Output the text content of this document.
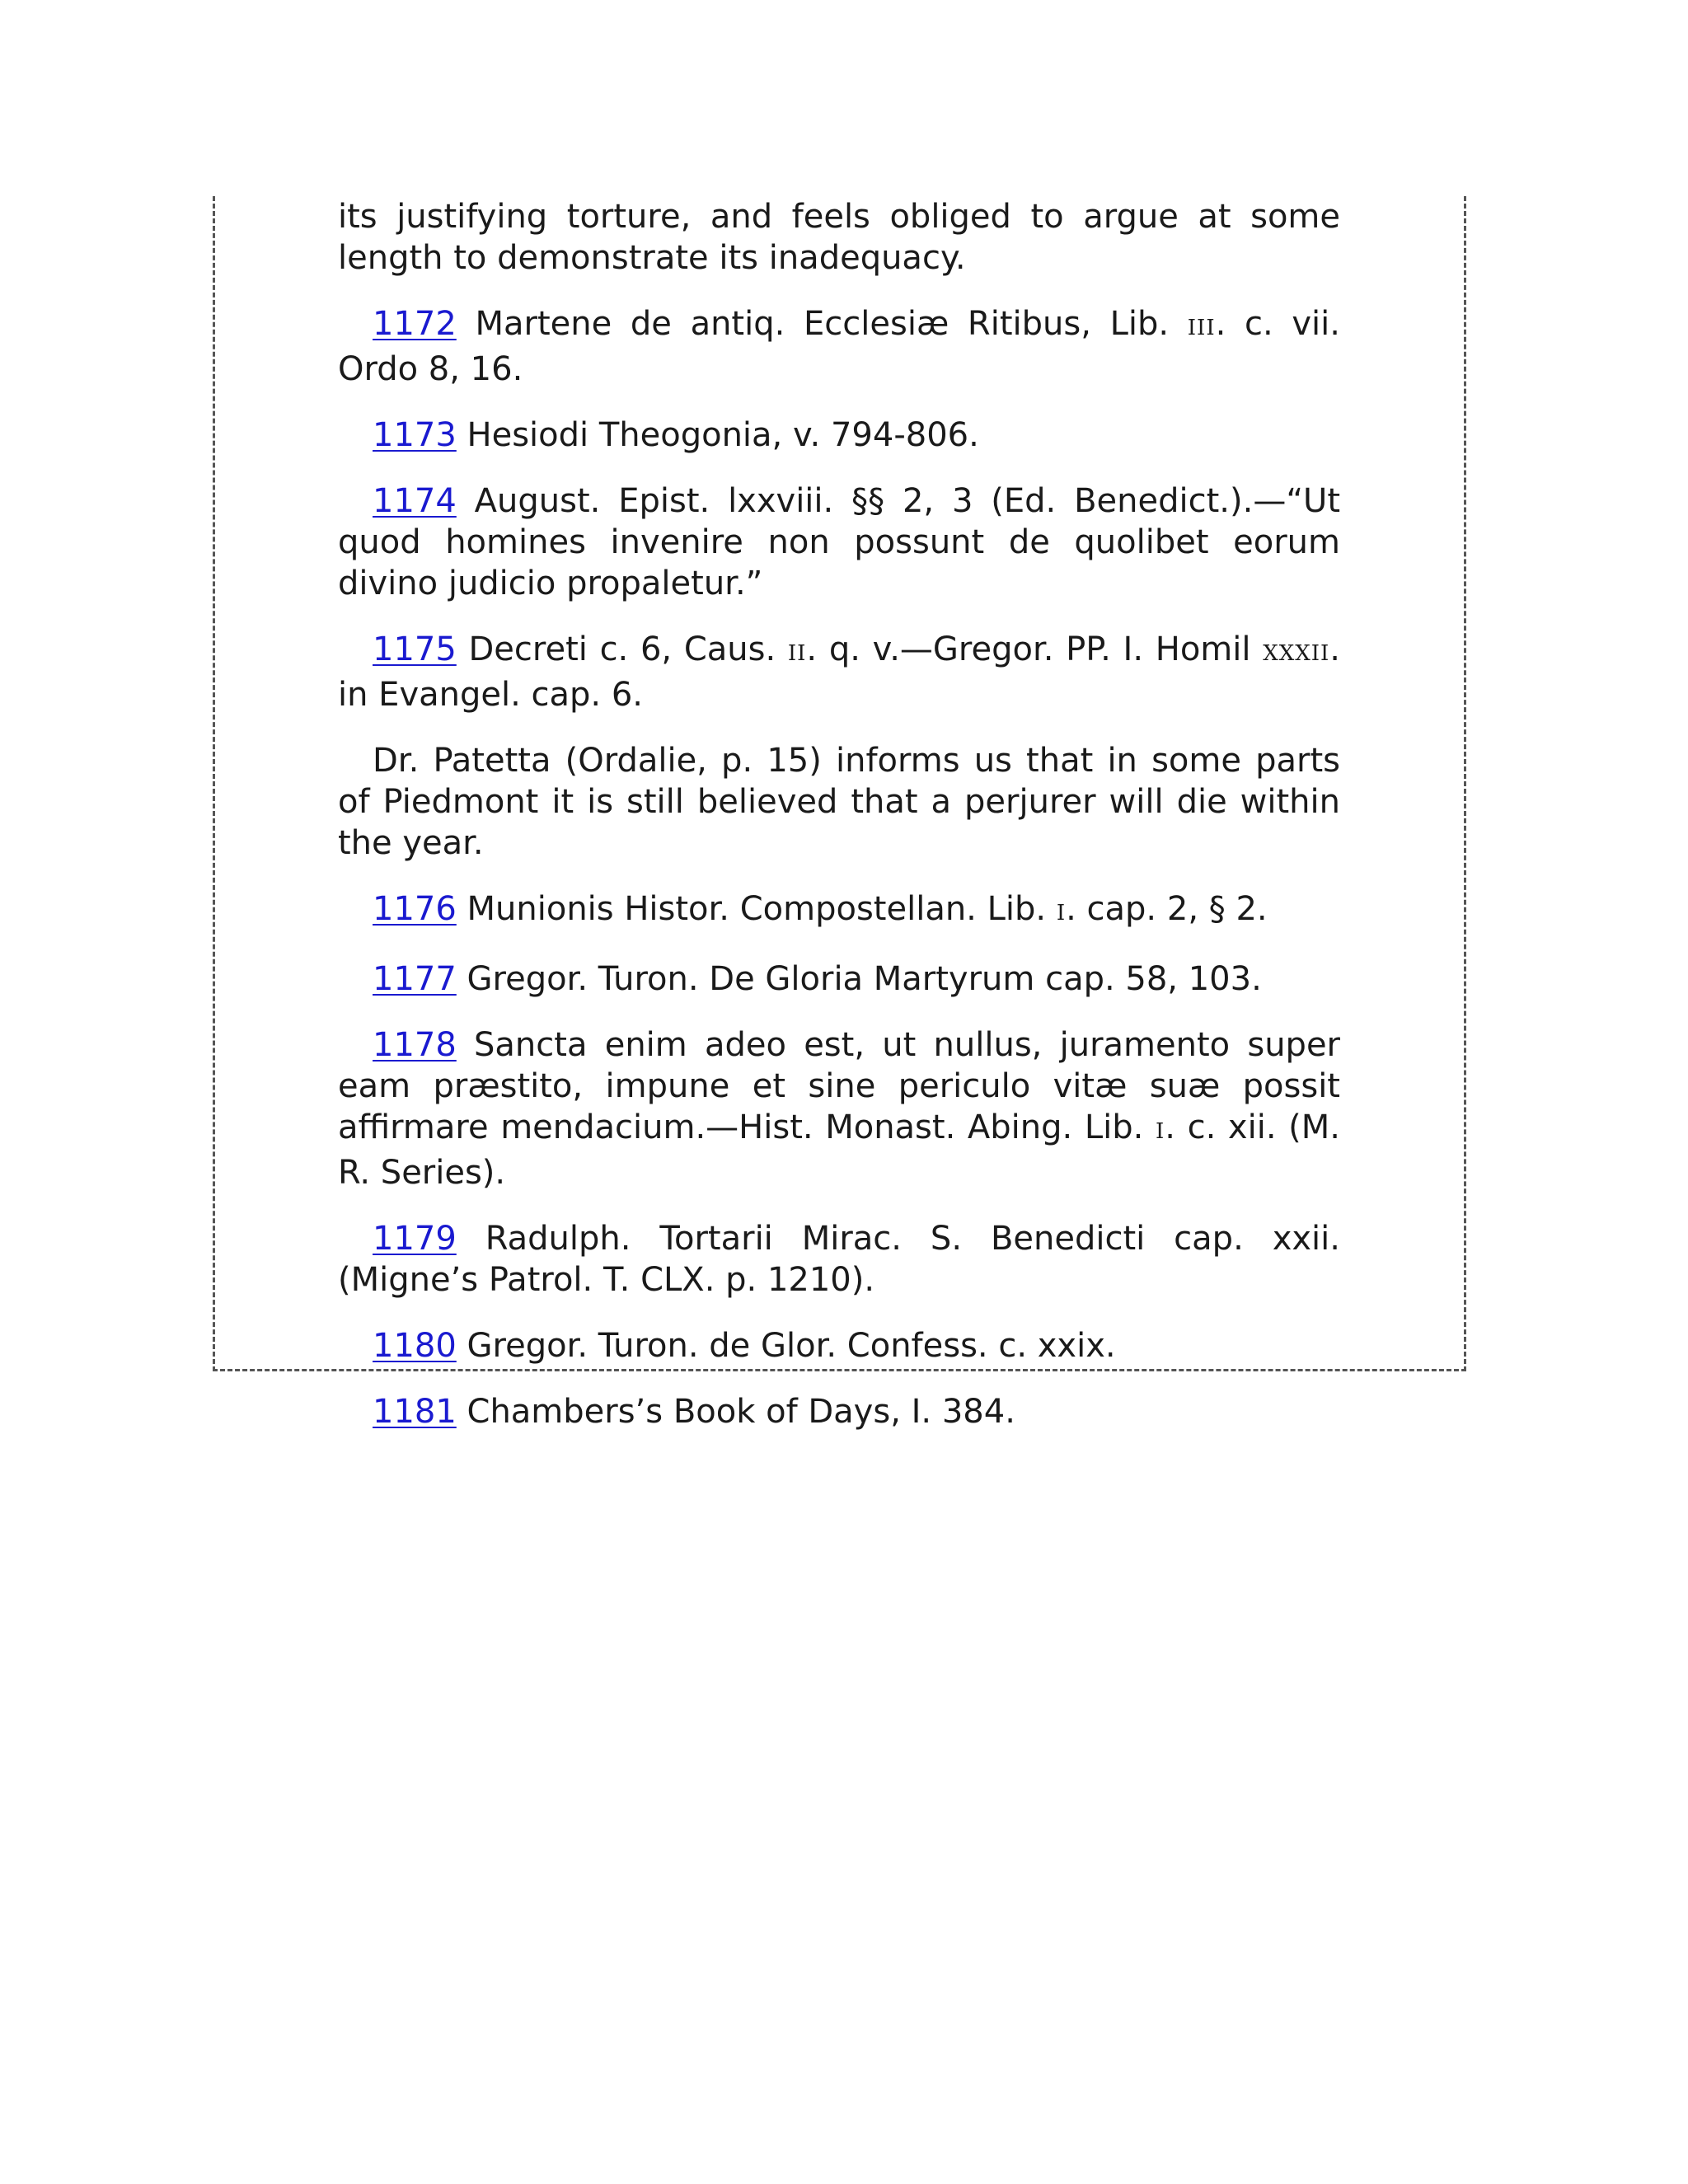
its justifying torture, and feels obliged to argue at some length to demonstrate its inadequacy.

1172 Martene de antiq. Ecclesiæ Ritibus, Lib. III. c. vii. Ordo 8, 16.

1173 Hesiodi Theogonia, v. 794-806.

1174 August. Epist. lxxviii. §§ 2, 3 (Ed. Benedict.).—“Ut quod homines invenire non possunt de quolibet eorum divino judicio propaletur.”

1175 Decreti c. 6, Caus. II. q. v.—Gregor. PP. I. Homil XXXII. in Evangel. cap. 6.

Dr. Patetta (Ordalie, p. 15) informs us that in some parts of Piedmont it is still believed that a perjurer will die within the year.

1176 Munionis Histor. Compostellan. Lib. I. cap. 2, § 2.

1177 Gregor. Turon. De Gloria Martyrum cap. 58, 103.

1178 Sancta enim adeo est, ut nullus, juramento super eam præstito, impune et sine periculo vitæ suæ possit affirmare mendacium.—Hist. Monast. Abing. Lib. I. c. xii. (M. R. Series).

1179 Radulph. Tortarii Mirac. S. Benedicti cap. xxii. (Migne’s Patrol. T. CLX. p. 1210).

1180 Gregor. Turon. de Glor. Confess. c. xxix.

1181 Chambers’s Book of Days, I. 384.
